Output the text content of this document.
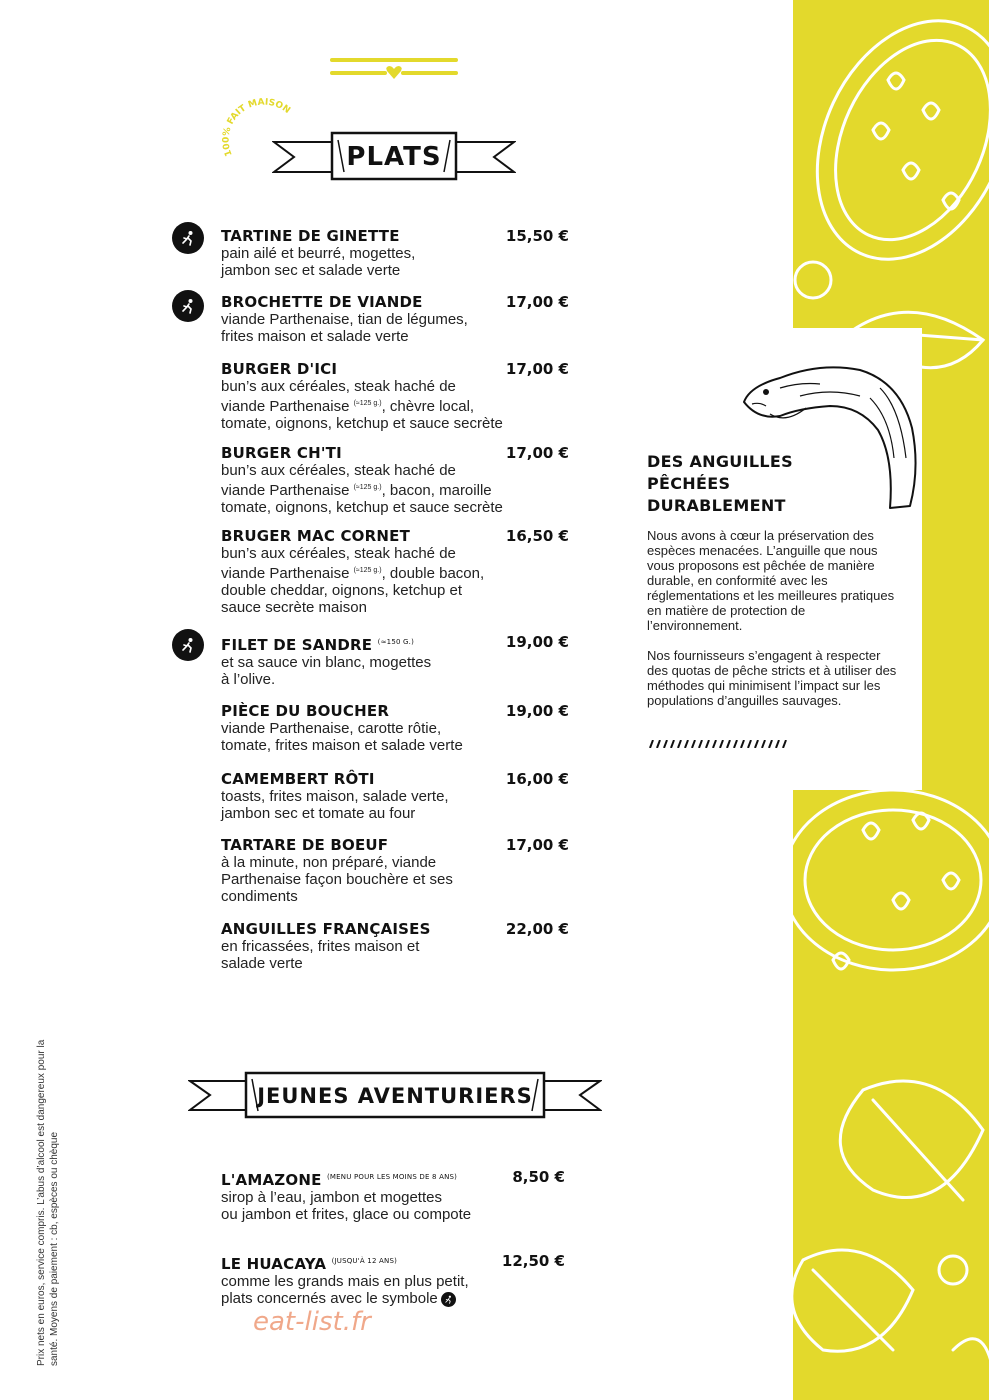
100% FAIT MAISON
PLATS
TARTINE DE GINETTE	15,50 €
pain ailé et beurré, mogettes,
jambon sec et salade verte
BROCHETTE DE VIANDE	17,00 €
viande Parthenaise, tian de légumes,
frites maison et salade verte
BURGER D'ICI	17,00 €
bun’s aux céréales, steak haché de
viande Parthenaise $^{(\approx 125 g.)}$, chèvre local,
tomate, oignons, ketchup et sauce secrète
BURGER CH'TI	17,00 €
bun’s aux céréales, steak haché de
viande Parthenaise $^{(\approx 125 g.)}$, bacon, maroille
tomate, oignons, ketchup et sauce secrète
BRUGER MAC CORNET	16,50 €
bun’s aux céréales, steak haché de
viande Parthenaise $^{(\approx 125 g.)}$, double bacon,
double cheddar, oignons, ketchup et
sauce secrète maison
FILET DE SANDRE $^{(\approx 150 G.)}$	19,00 €
et sa sauce vin blanc, mogettes
à l’olive.
PIÈCE DU BOUCHER	19,00 €
viande Parthenaise, carotte rôtie,
tomate, frites maison et salade verte
CAMEMBERT RÔTI	16,00 €
toasts, frites maison, salade verte,
jambon sec et tomate au four
TARTARE DE BOEUF	17,00 €
à la minute, non préparé, viande
Parthenaise façon bouchère et ses
condiments
ANGUILLES FRANÇAISES	22,00 €
en fricassées, frites maison et
salade verte
JEUNES AVENTURIERS
L'AMAZONE $^{(MENU POUR LES MOINS DE 8 ANS)}$	8,50 €
sirop à l’eau, jambon et mogettes
ou jambon et frites, glace ou compote
LE HUACAYA $^{(JUSQU'À 12 ANS)}$	12,50 €
comme les grands mais en plus petit,
plats concernés avec le symbole
Prix nets en euros, service compris. L’abus d’alcool est dangereux pour la santé. Moyens de paiement : cb, espèces ou chèque
DES ANGUILLES
PÊCHÉES
DURABLEMENT
Nous avons à cœur la préservation des espèces menacées. L’anguille que nous vous proposons est pêchée de manière durable, en conformité avec les réglementations et les meilleures pratiques en matière de protection de l’environnement.
Nos fournisseurs s’engagent à respecter des quotas de pêche stricts et à utiliser des méthodes qui minimisent l’impact sur les populations d’anguilles sauvages.
eat-list.fr
